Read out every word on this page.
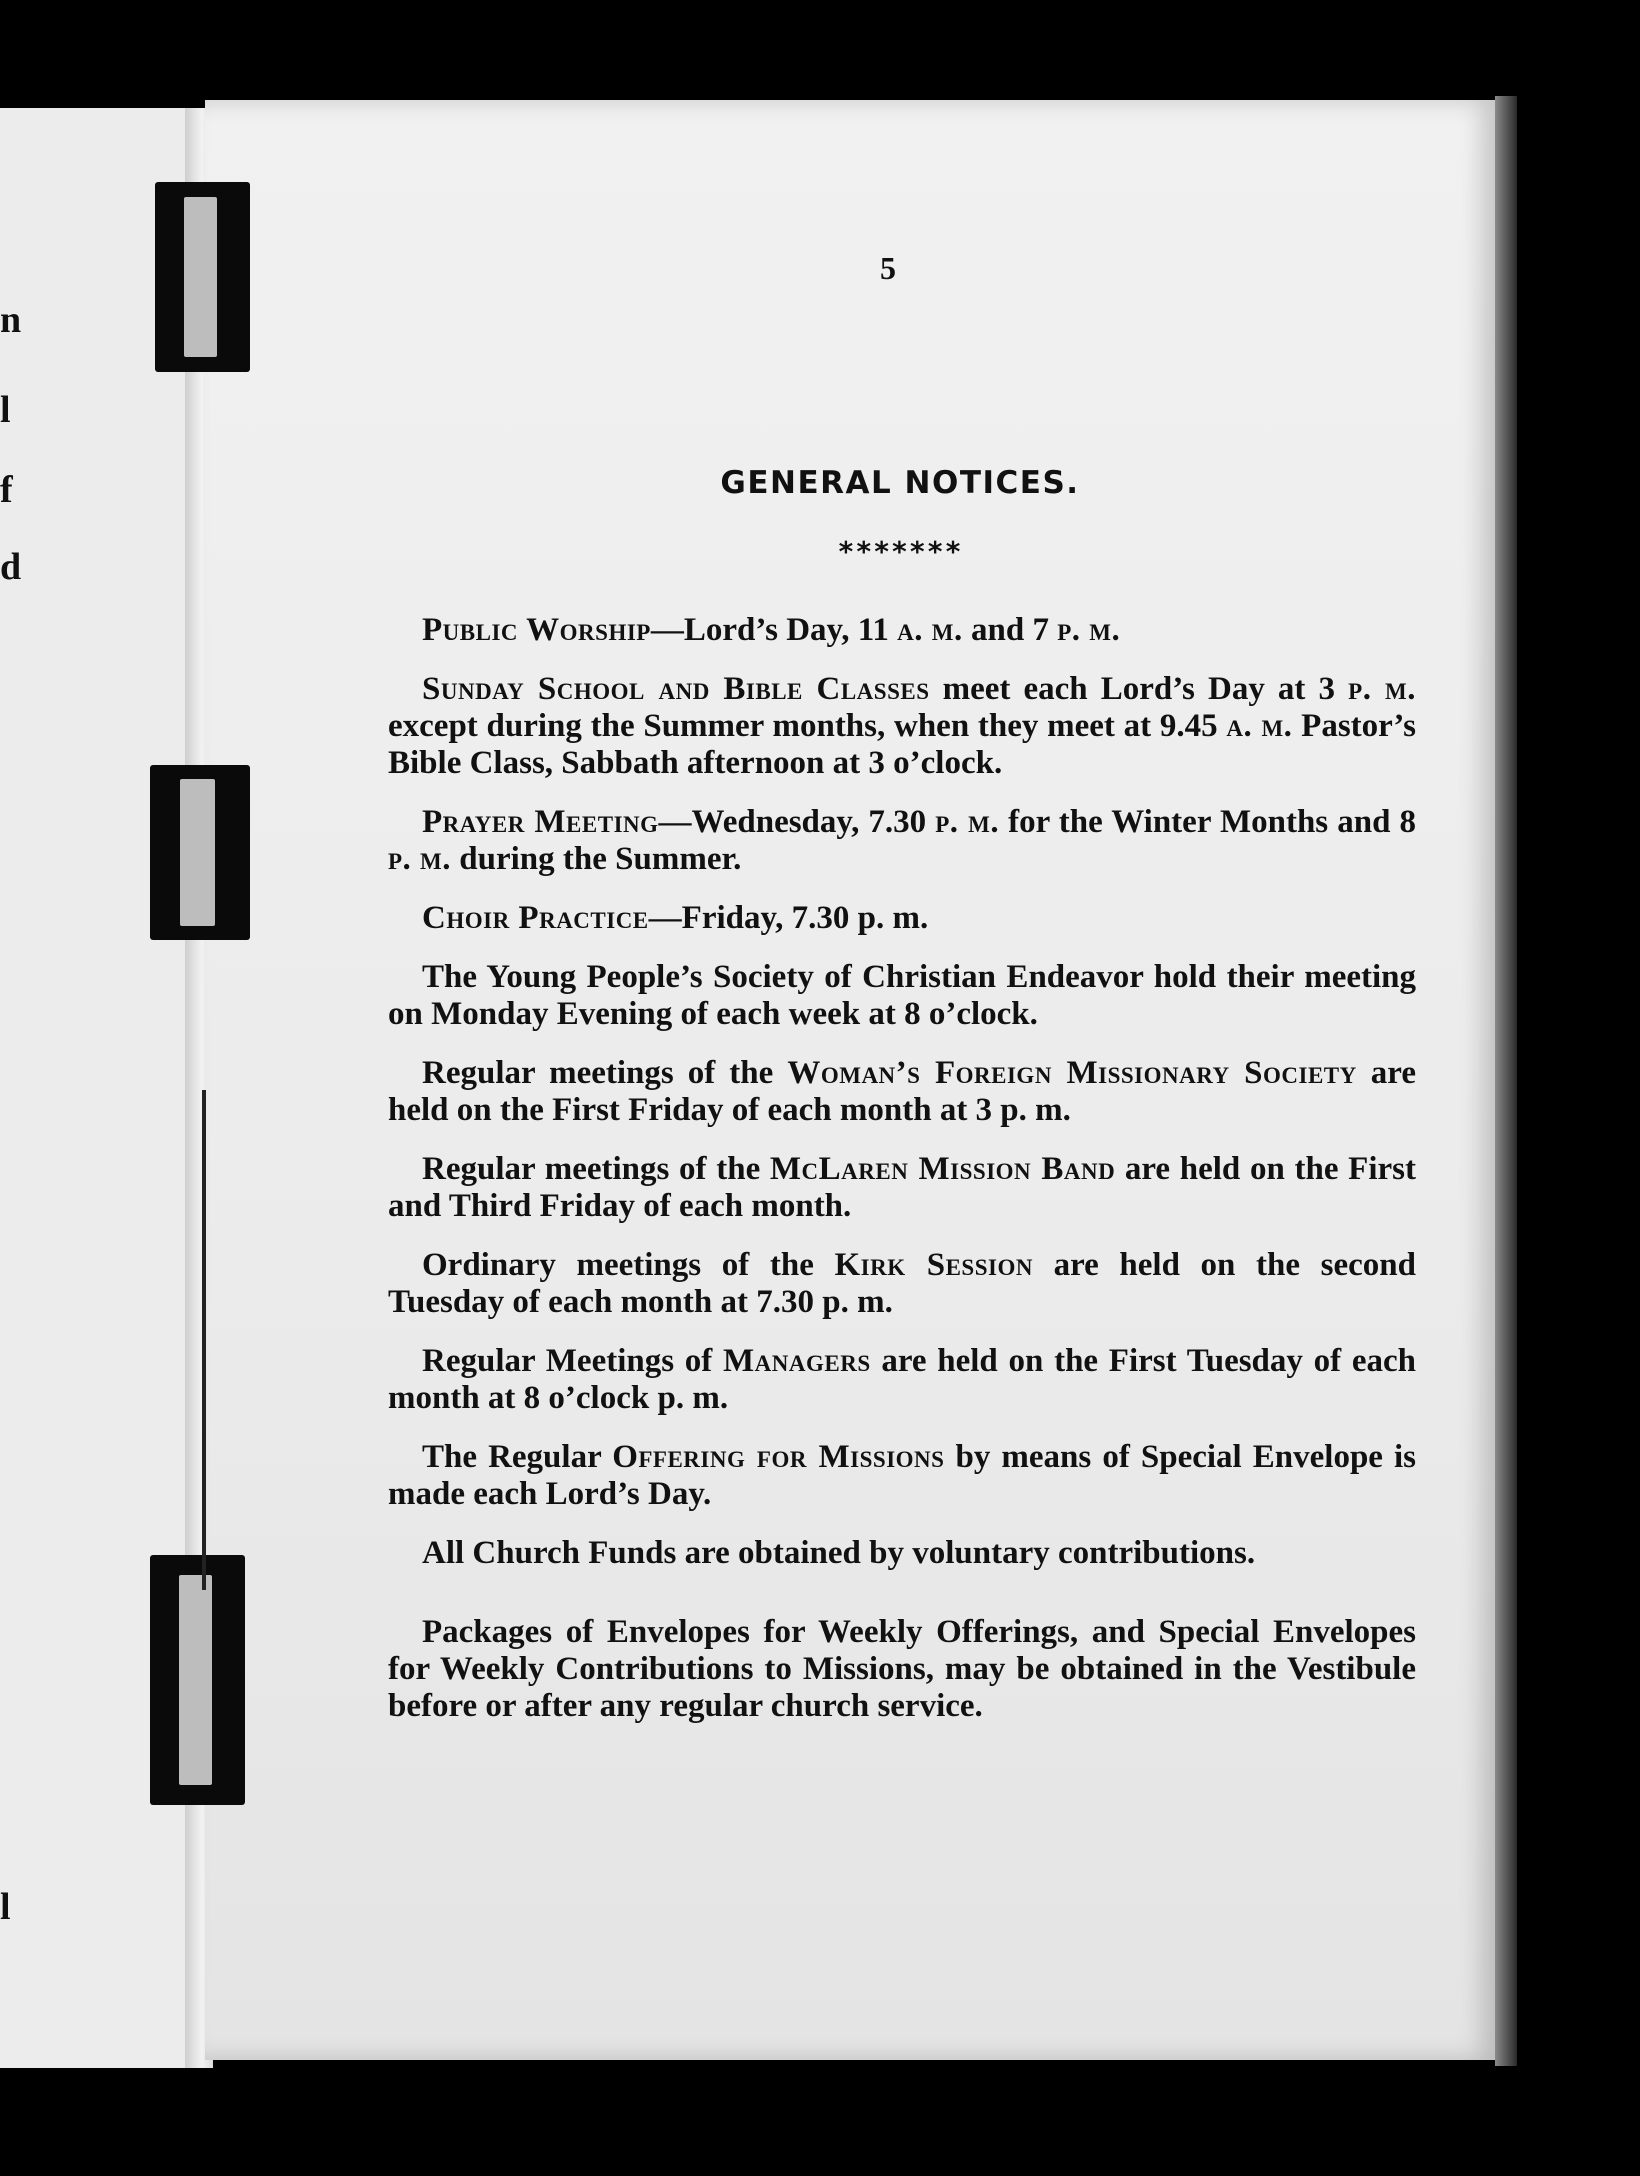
n
l
f
d
l
5
GENERAL NOTICES.
*******

Public Worship—Lord’s Day, 11 a. m. and 7 p. m.

Sunday School and Bible Classes meet each Lord’s Day at 3 p. m. except during the Summer months, when they meet at 9.45 a. m. Pastor’s Bible Class, Sabbath afternoon at 3 o’clock.

Prayer Meeting—Wednesday, 7.30 p. m. for the Winter Months and 8 p. m. during the Summer.

Choir Practice—Friday, 7.30 p. m.

The Young People’s Society of Christian Endeavor hold their meeting on Monday Evening of each week at 8 o’clock.

Regular meetings of the Woman’s Foreign Missionary Society are held on the First Friday of each month at 3 p. m.

Regular meetings of the McLaren Mission Band are held on the First and Third Friday of each month.

Ordinary meetings of the Kirk Session are held on the second Tuesday of each month at 7.30 p. m.

Regular Meetings of Managers are held on the First Tuesday of each month at 8 o’clock p. m.

The Regular Offering for Missions by means of Special Envelope is made each Lord’s Day.

All Church Funds are obtained by voluntary contributions.

Packages of Envelopes for Weekly Offerings, and Special Envelopes for Weekly Contributions to Missions, may be obtained in the Vestibule before or after any regular church service.
